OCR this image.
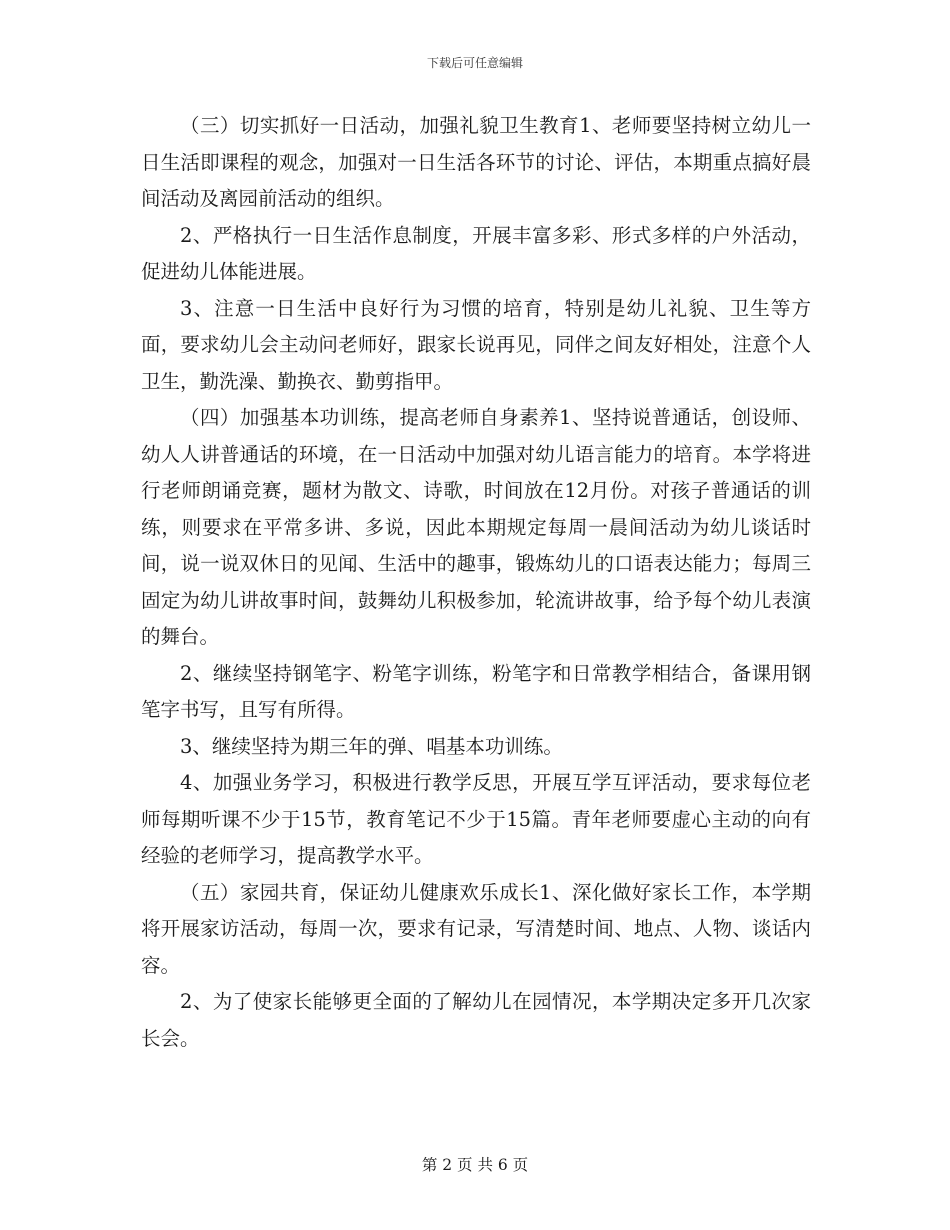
下载后可任意编辑

（三）切实抓好一日活动，加强礼貌卫生教育1、老师要坚持树立幼儿一日生活即课程的观念，加强对一日生活各环节的讨论、评估，本期重点搞好晨间活动及离园前活动的组织。

2、严格执行一日生活作息制度，开展丰富多彩、形式多样的户外活动，促进幼儿体能进展。

3、注意一日生活中良好行为习惯的培育，特别是幼儿礼貌、卫生等方面，要求幼儿会主动问老师好，跟家长说再见，同伴之间友好相处，注意个人卫生，勤洗澡、勤换衣、勤剪指甲。

（四）加强基本功训练，提高老师自身素养1、坚持说普通话，创设师、幼人人讲普通话的环境，在一日活动中加强对幼儿语言能力的培育。本学将进行老师朗诵竞赛，题材为散文、诗歌，时间放在12月份。对孩子普通话的训练，则要求在平常多讲、多说，因此本期规定每周一晨间活动为幼儿谈话时间，说一说双休日的见闻、生活中的趣事，锻炼幼儿的口语表达能力；每周三固定为幼儿讲故事时间，鼓舞幼儿积极参加，轮流讲故事，给予每个幼儿表演的舞台。

2、继续坚持钢笔字、粉笔字训练，粉笔字和日常教学相结合，备课用钢笔字书写，且写有所得。

3、继续坚持为期三年的弹、唱基本功训练。

4、加强业务学习，积极进行教学反思，开展互学互评活动，要求每位老师每期听课不少于15节，教育笔记不少于15篇。青年老师要虚心主动的向有经验的老师学习，提高教学水平。

（五）家园共育，保证幼儿健康欢乐成长1、深化做好家长工作，本学期将开展家访活动，每周一次，要求有记录，写清楚时间、地点、人物、谈话内容。

2、为了使家长能够更全面的了解幼儿在园情况，本学期决定多开几次家长会。

第 2 页 共 6 页
